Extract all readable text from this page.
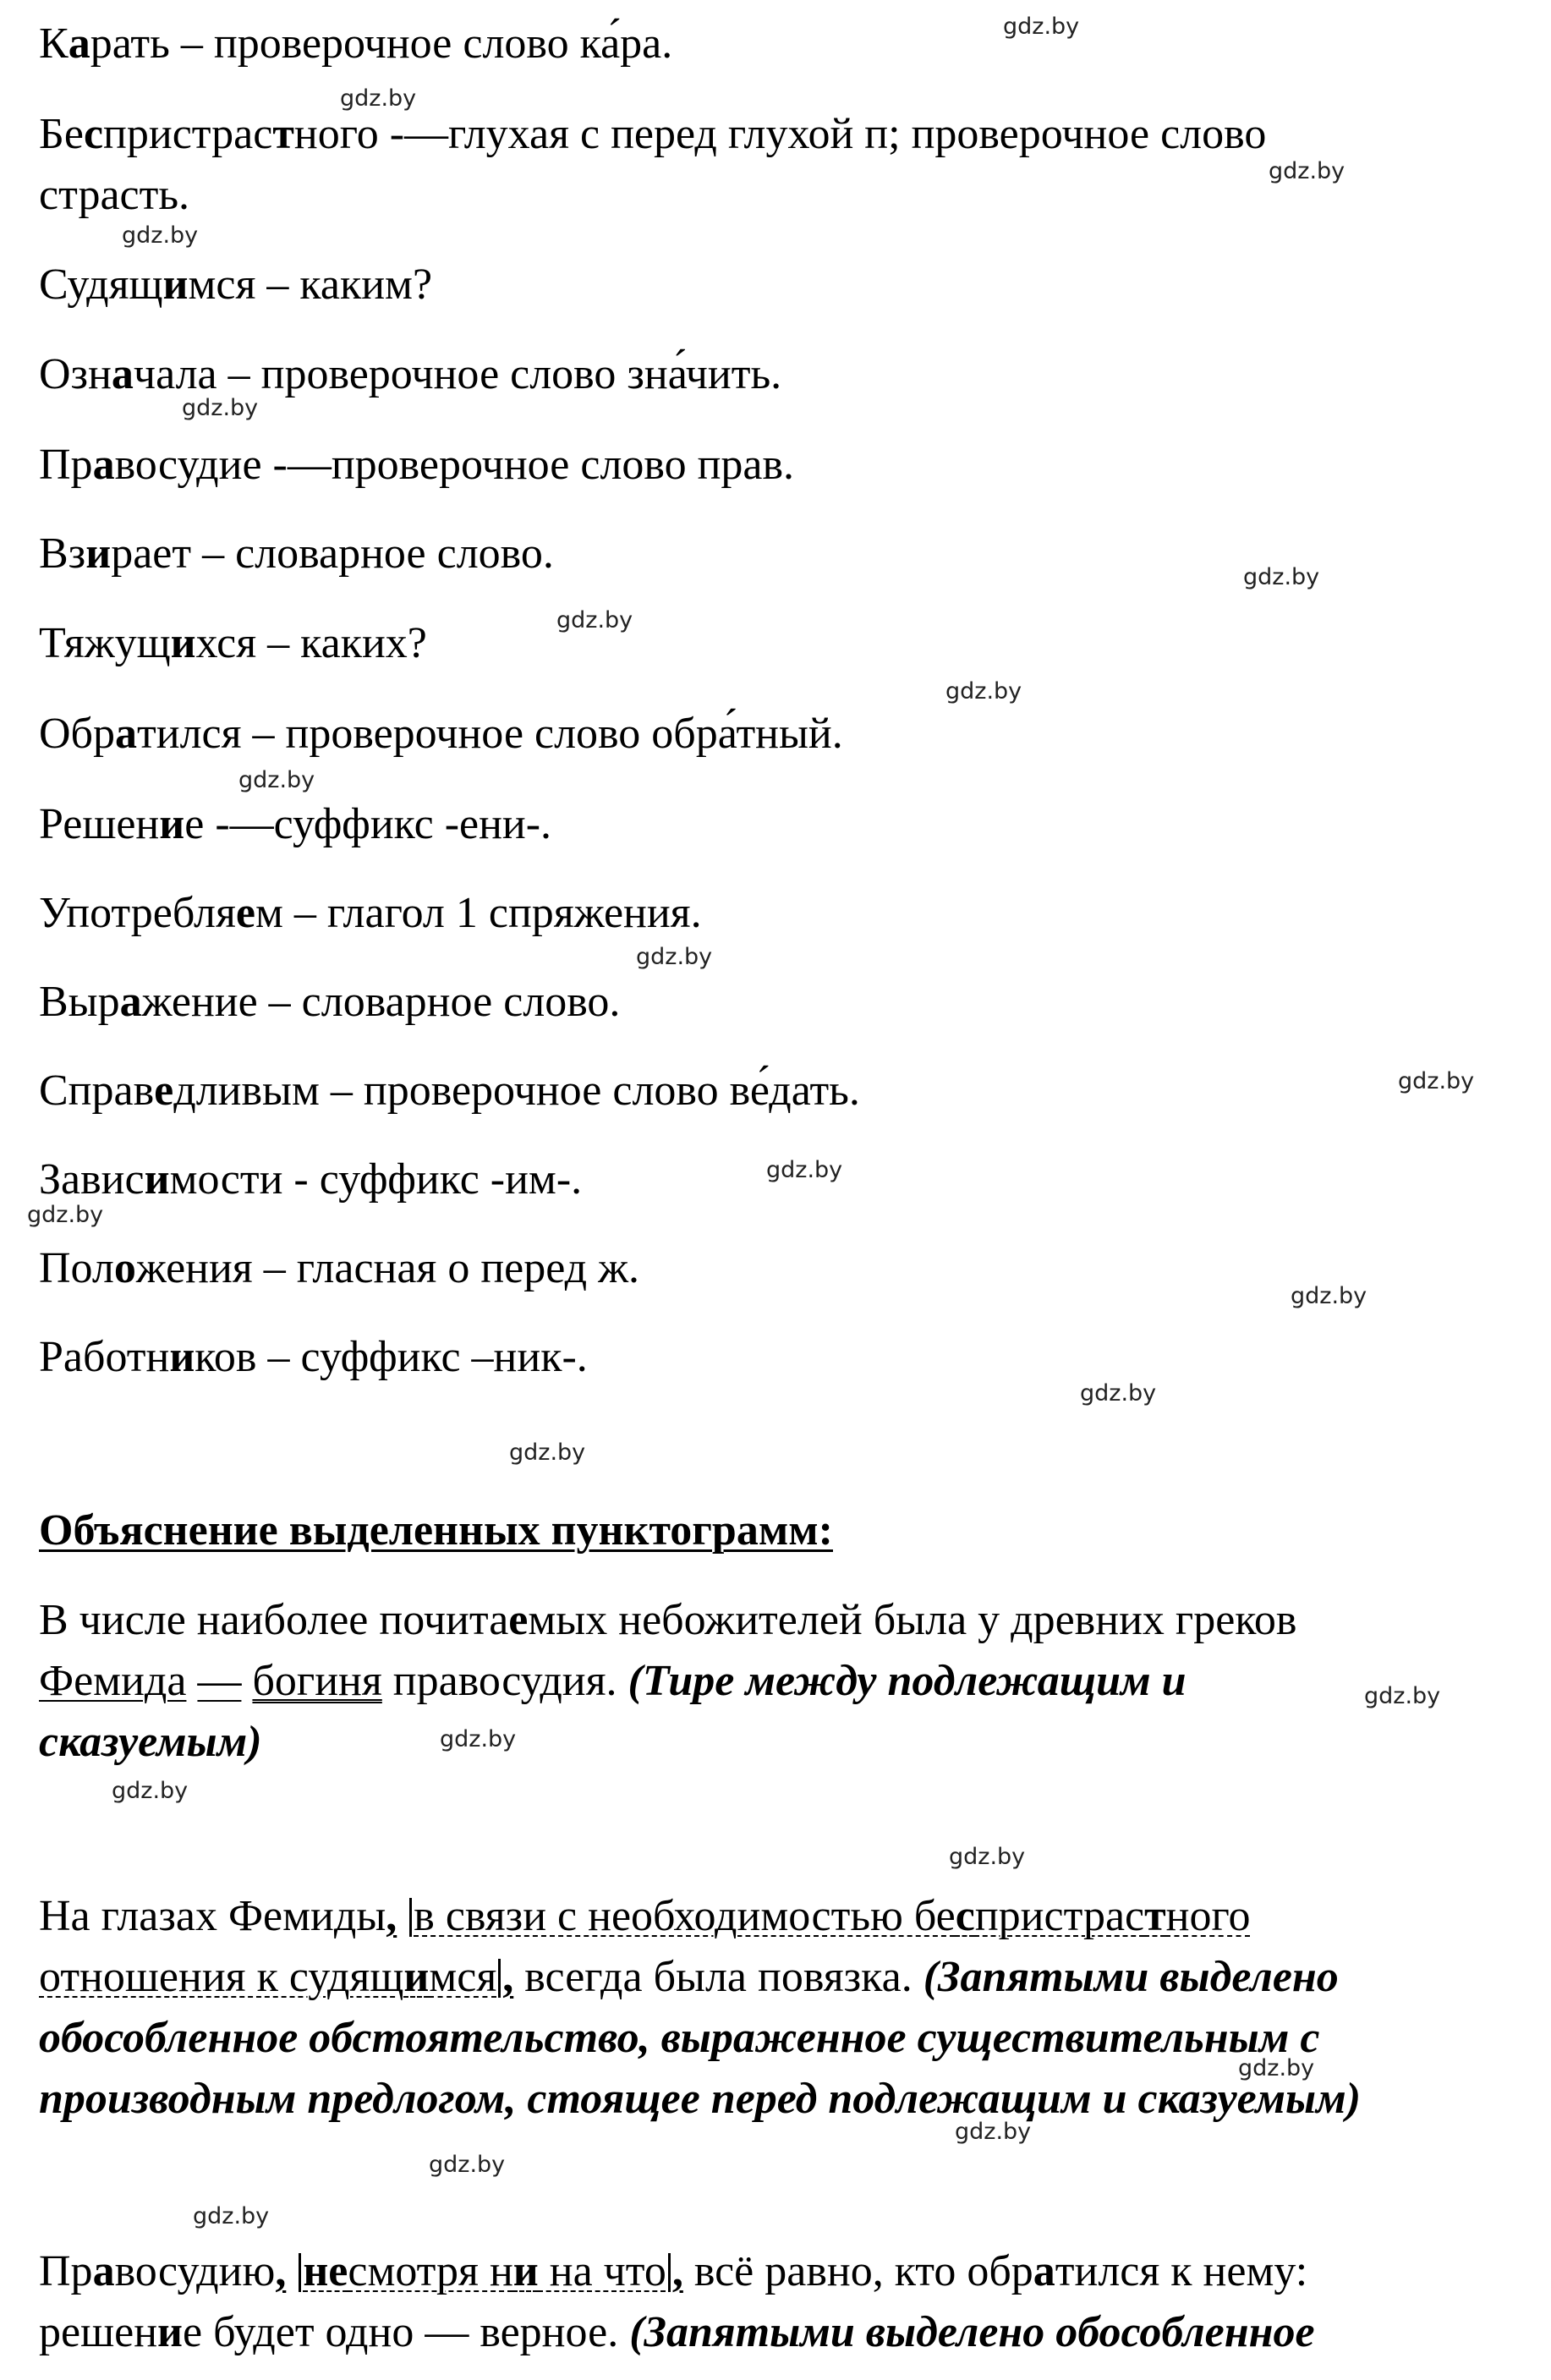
Карать – проверочное слово ка́ра.
Беспристрастного -—глухая с перед глухой п; проверочное слово
страсть.
Судящимся – каким?
Означала – проверочное слово зна́чить.
Правосудие -—проверочное слово прав.
Взирает – словарное слово.
Тяжущихся – каких?
Обратился – проверочное слово обра́тный.
Решение -—суффикс -ени-.
Употребляем – глагол 1 спряжения.
Выражение – словарное слово.
Справедливым – проверочное слово ве́дать.
Зависимости - суффикс -им-.
Положения – гласная о перед ж.
Работников – суффикс –ник-.
Объяснение выделенных пунктограмм:
В числе наиболее почитаемых небожителей была у древних греков
Фемида — богиня правосудия. (Тире между подлежащим и
сказуемым)
На глазах Фемиды, в связи с необходимостью беспристрастного
отношения к судящимся , всегда была повязка. (Запятыми выделено
обособленное обстоятельство, выраженное существительным с
производным предлогом, стоящее перед подлежащим и сказуемым)
Правосудию, несмотря ни на что , всё равно, кто обратился к нему:
решение будет одно — верное. (Запятыми выделено обособленное
gdz.by
gdz.by
gdz.by
gdz.by
gdz.by
gdz.by
gdz.by
gdz.by
gdz.by
gdz.by
gdz.by
gdz.by
gdz.by
gdz.by
gdz.by
gdz.by
gdz.by
gdz.by
gdz.by
gdz.by
gdz.by
gdz.by
gdz.by
gdz.by
